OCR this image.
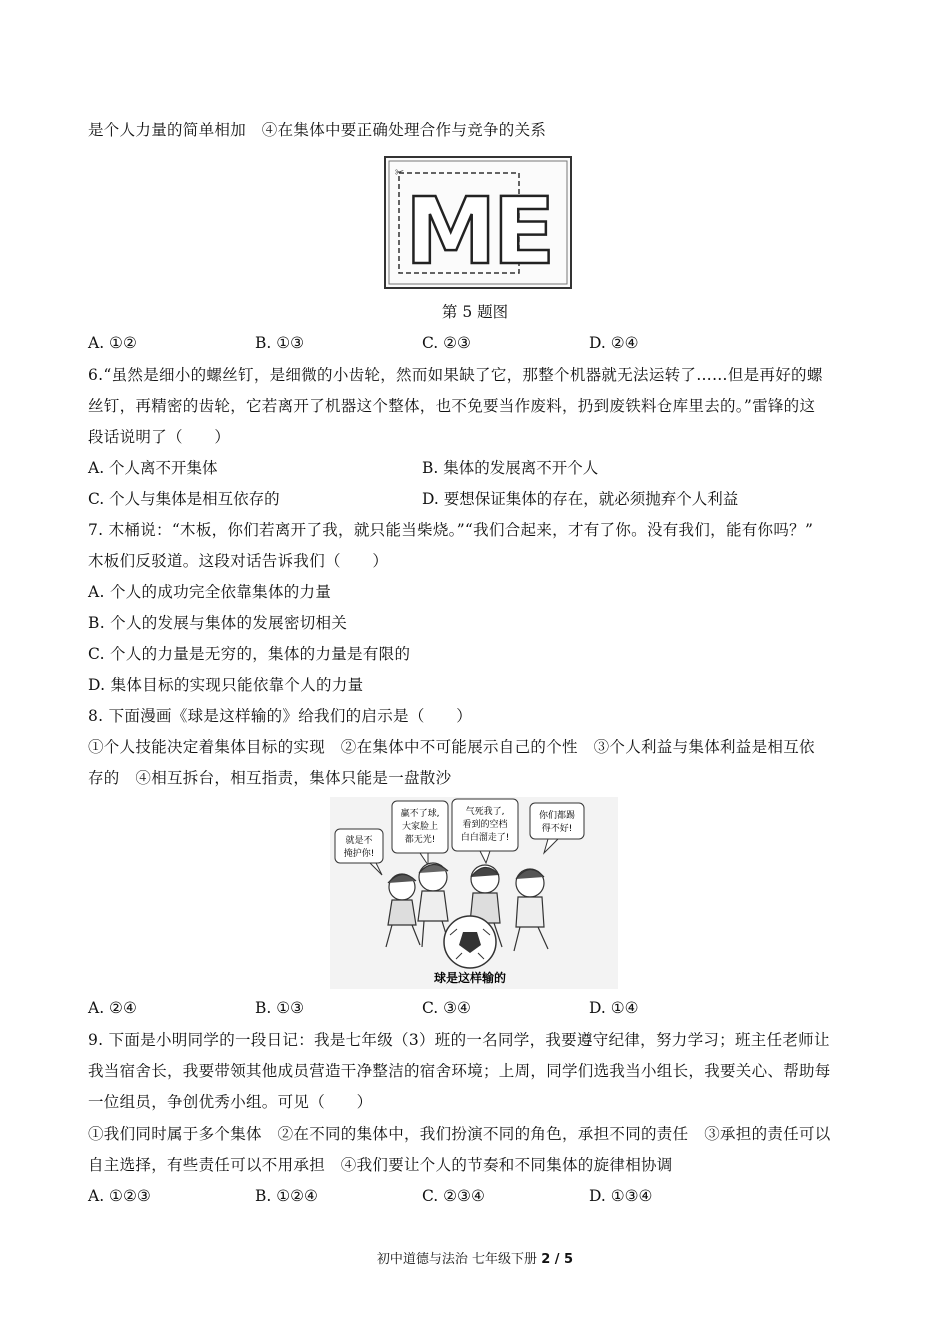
是个人力量的简单相加　④在集体中要正确处理合作与竞争的关系
✂
ME
第 5 题图
A. ①②	B. ①③	C. ②③	D. ②④
6.“虽然是细小的螺丝钉，是细微的小齿轮，然而如果缺了它，那整个机器就无法运转了……但是再好的螺
丝钉，再精密的齿轮，它若离开了机器这个整体，也不免要当作废料，扔到废铁料仓库里去的。”雷锋的这
段话说明了（　　）
A. 个人离不开集体	B. 集体的发展离不开个人
C. 个人与集体是相互依存的	D. 要想保证集体的存在，就必须抛弃个人利益
7. 木桶说：“木板，你们若离开了我，就只能当柴烧。”“我们合起来，才有了你。没有我们，能有你吗？”
木板们反驳道。这段对话告诉我们（　　）
A. 个人的成功完全依靠集体的力量
B. 个人的发展与集体的发展密切相关
C. 个人的力量是无穷的，集体的力量是有限的
D. 集体目标的实现只能依靠个人的力量
8. 下面漫画《球是这样输的》给我们的启示是（　　）
①个人技能决定着集体目标的实现　②在集体中不可能展示自己的个性　③个人利益与集体利益是相互依
存的　④相互拆台，相互指责，集体只能是一盘散沙
就是不
掩护你!
赢不了球,
大家脸上
都无光!
气死我了,
看到的空档
白白溜走了!
你们都踢
得不好!
球是这样输的
A. ②④	B. ①③	C. ③④	D. ①④
9. 下面是小明同学的一段日记：我是七年级（3）班的一名同学，我要遵守纪律，努力学习；班主任老师让
我当宿舍长，我要带领其他成员营造干净整洁的宿舍环境；上周，同学们选我当小组长，我要关心、帮助每
一位组员，争创优秀小组。可见（　　）
①我们同时属于多个集体　②在不同的集体中，我们扮演不同的角色，承担不同的责任　③承担的责任可以
自主选择，有些责任可以不用承担　④我们要让个人的节奏和不同集体的旋律相协调
A. ①②③	B. ①②④	C. ②③④	D. ①③④
初中道德与法治 七年级下册 2 / 5
